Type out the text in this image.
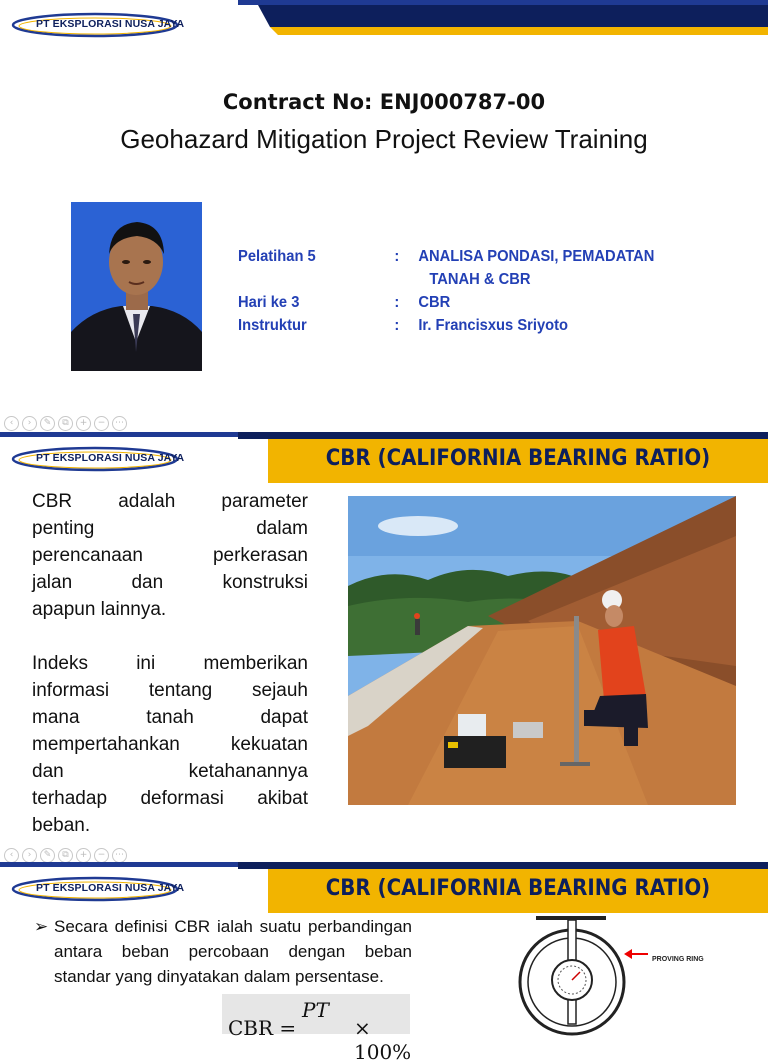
PT EKSPLORASI NUSA JAYA
Contract No: ENJ000787-00
Geohazard Mitigation Project Review Training
Pelatihan 5	:	ANALISA PONDASI, PEMADATAN
TANAH & CBR
Hari ke 3	:	CBR
Instruktur	:	Ir. Francisxus Sriyoto
‹	›	✎	⧉	+	−	⋯
CBR (CALIFORNIA BEARING RATIO)
PT EKSPLORASI NUSA JAYA

CBR adalah parameter

penting dalam

perencanaan perkerasan

jalan dan konstruksi

apapun lainnya.

Indeks ini memberikan

informasi tentang sejauh

mana tanah dapat

mempertahankan kekuatan

dan ketahanannya

terhadap deformasi akibat

beban.

‹	›	✎	⧉	+	−	⋯
CBR (CALIFORNIA BEARING RATIO)
PT EKSPLORASI NUSA JAYA
➢ Secara definisi CBR ialah suatu perbandingan antara beban percobaan dengan beban standar yang dinyatakan dalam persentase.
PT
CBR =	× 100%
PROVING RING
